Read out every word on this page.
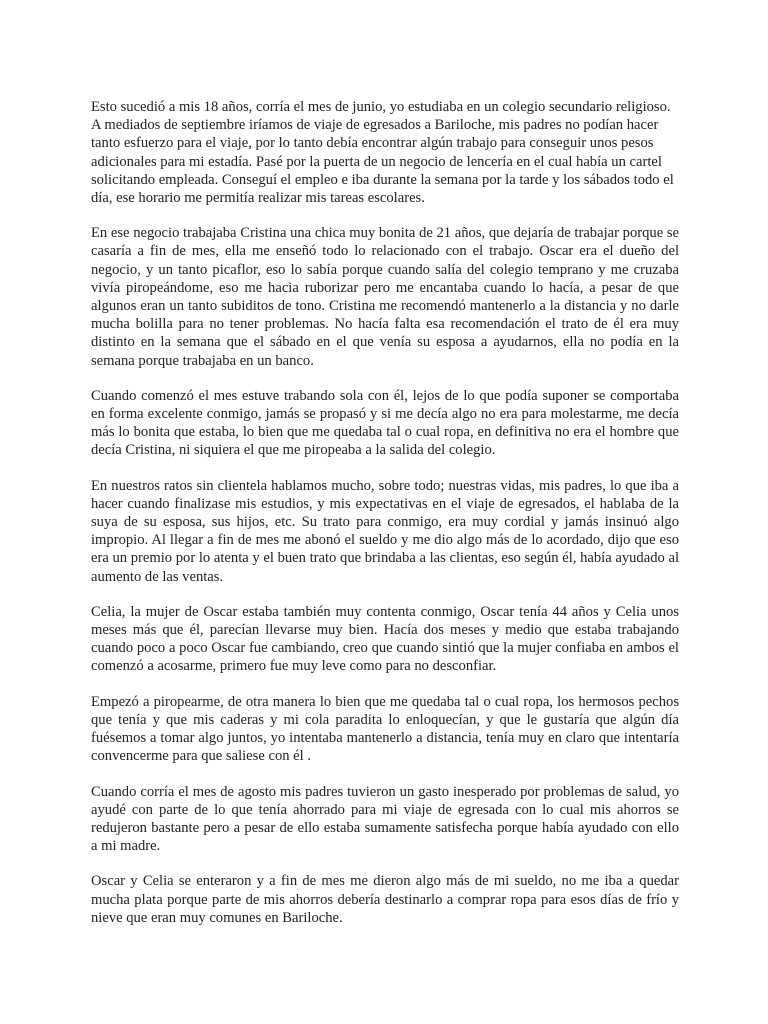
Esto sucedió a mis 18 años, corría el mes de junio, yo estudiaba en un colegio secundario religioso. A mediados de septiembre iríamos de viaje de egresados a Bariloche, mis padres no podían hacer tanto esfuerzo para el viaje, por lo tanto debía encontrar algún trabajo para conseguir unos pesos adicionales para mi estadía. Pasé por la puerta de un negocio de lencería en el cual había un cartel solicitando empleada. Conseguí el empleo e iba durante la semana por la tarde y los sábados todo el día, ese horario me permitía realizar mis tareas escolares.

En ese negocio trabajaba Cristina una chica muy bonita de 21 años, que dejaría de trabajar porque se casaría a fin de mes, ella me enseñó todo lo relacionado con el trabajo. Oscar era el dueño del negocio, y un tanto picaflor, eso lo sabía porque cuando salía del colegio temprano y me cruzaba vivía piropeándome, eso me hacia ruborizar pero me encantaba cuando lo hacía, a pesar de que algunos eran un tanto subiditos de tono. Cristina me recomendó mantenerlo a la distancia y no darle mucha bolilla para no tener problemas. No hacía falta esa recomendación el trato de él era muy distinto en la semana que el sábado en el que venía su esposa a ayudarnos, ella no podía en la semana porque trabajaba en un banco.

Cuando comenzó el mes estuve trabando sola con él, lejos de lo que podía suponer se comportaba en forma excelente conmigo, jamás se propasó y si me decía algo no era para molestarme, me decía más lo bonita que estaba, lo bien que me quedaba tal o cual ropa, en definitiva no era el hombre que decía Cristina, ni siquiera el que me piropeaba a la salida del colegio.

En nuestros ratos sin clientela hablamos mucho, sobre todo; nuestras vidas, mis padres, lo que iba a hacer cuando finalizase mis estudios, y mis expectativas en el viaje de egresados, el hablaba de la suya de su esposa, sus hijos, etc. Su trato para conmigo, era muy cordial y jamás insinuó algo impropio. Al llegar a fin de mes me abonó el sueldo y me dio algo más de lo acordado, dijo que eso era un premio por lo atenta y el buen trato que brindaba a las clientas, eso según él, había ayudado al aumento de las ventas.

Celia, la mujer de Oscar estaba también muy contenta conmigo, Oscar tenía 44 años y Celia unos meses más que él, parecían llevarse muy bien. Hacía dos meses y medio que estaba trabajando cuando poco a poco Oscar fue cambiando, creo que cuando sintió que la mujer confiaba en ambos el comenzó a acosarme, primero fue muy leve como para no desconfiar.

Empezó a piropearme, de otra manera lo bien que me quedaba tal o cual ropa, los hermosos pechos que tenía y que mis caderas y mi cola paradita lo enloquecían, y que le gustaría que algún día fuésemos a tomar algo juntos, yo intentaba mantenerlo a distancia, tenía muy en claro que intentaría convencerme para que saliese con él .

Cuando corría el mes de agosto mis padres tuvieron un gasto inesperado por problemas de salud, yo ayudé con parte de lo que tenía ahorrado para mi viaje de egresada con lo cual mis ahorros se redujeron bastante pero a pesar de ello estaba sumamente satisfecha porque había ayudado con ello a mi madre.

Oscar y Celia se enteraron y a fin de mes me dieron algo más de mi sueldo, no me iba a quedar mucha plata porque parte de mis ahorros debería destinarlo a comprar ropa para esos días de frío y nieve que eran muy comunes en Bariloche.
